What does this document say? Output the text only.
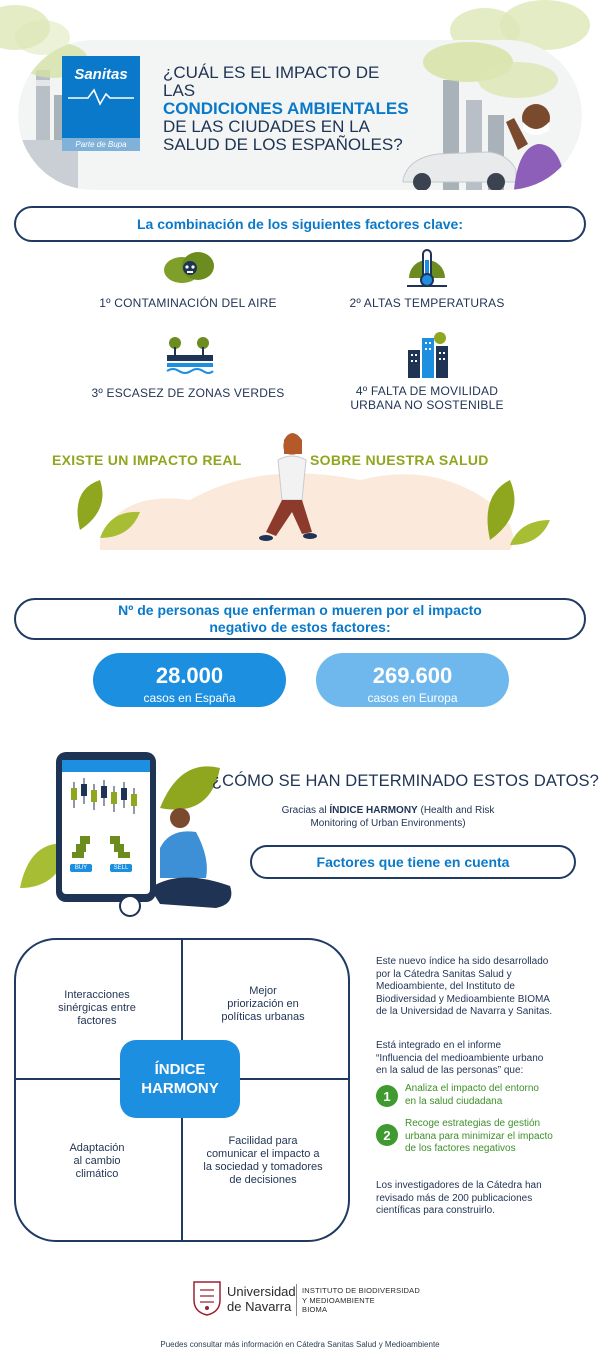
Sanitas
Parte de Bupa
¿CUÁL ES EL IMPACTO DE LAS
CONDICIONES AMBIENTALES
DE LAS CIUDADES EN LA
SALUD DE LOS ESPAÑOLES?
La combinación de los siguientes factores clave:
1º CONTAMINACIÓN DEL AIRE	2º ALTAS TEMPERATURAS
3º ESCASEZ DE ZONAS VERDES	4º FALTA DE MOVILIDAD
URBANA NO SOSTENIBLE
EXISTE UN IMPACTO REAL	SOBRE NUESTRA SALUD
Nº de personas que enferman o mueren por el impacto
negativo de estos factores:
28.000
casos en España
269.600
casos en Europa
BUY	SELL
¿CÓMO SE HAN DETERMINADO ESTOS DATOS?
Gracias al ÍNDICE HARMONY (Health and Risk
Monitoring of Urban Environments)
Factores que tiene en cuenta
Interacciones
sinérgicas entre
factores
Mejor
priorización en
políticas urbanas
Adaptación
al cambio
climático
Facilidad para
comunicar el impacto a
la sociedad y tomadores
de decisiones
ÍNDICE
HARMONY
Este nuevo índice ha sido desarrollado
por la Cátedra Sanitas Salud y
Medioambiente, del Instituto de
Biodiversidad y Medioambiente BIOMA
de la Universidad de Navarra y Sanitas.
Está integrado en el informe
“Influencia del medioambiente urbano
en la salud de las personas” que:
1	Analiza el impacto del entorno
en la salud ciudadana
2
Recoge estrategias de gestión
urbana para minimizar el impacto
de los factores negativos
Los investigadores de la Cátedra han
revisado más de 200 publicaciones
científicas para construirlo.
Universidad
de Navarra
INSTITUTO DE BIODIVERSIDAD
Y MEDIOAMBIENTE
BIOMA
Puedes consultar más información en Cátedra Sanitas Salud y Medioambiente
